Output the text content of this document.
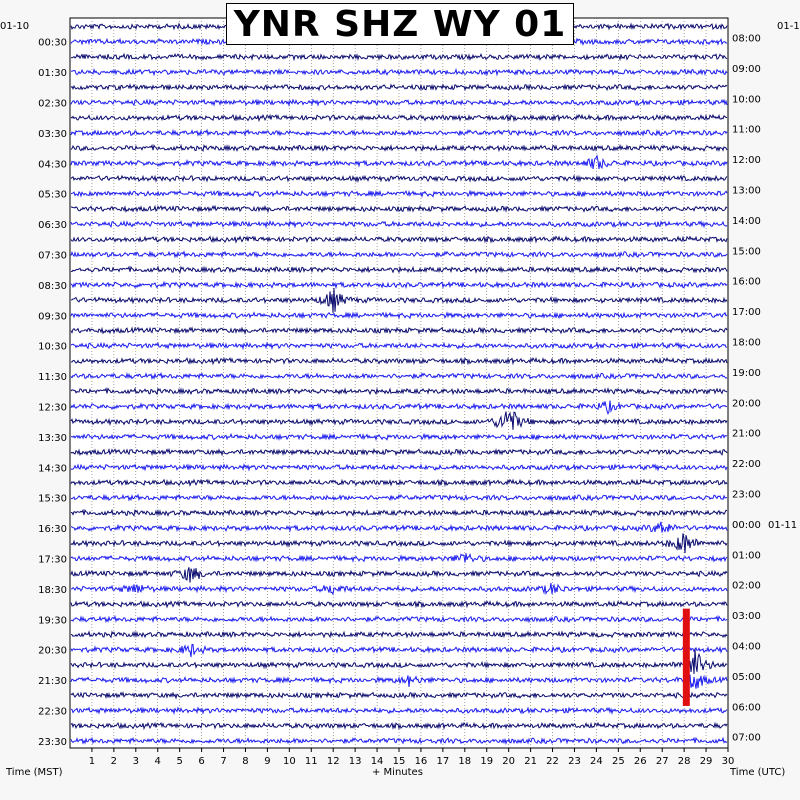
00:30
01:30
02:30
03:30
04:30
05:30
06:30
07:30
08:30
09:30
10:30
11:30
12:30
13:30
14:30
15:30
16:30
17:30
18:30
19:30
20:30
21:30
22:30
23:30
08:00
09:00
10:00
11:00
12:00
13:00
14:00
15:00
16:00
17:00
18:00
19:00
20:00
21:00
22:00
23:00
00:00
01:00
02:00
03:00
04:00
05:00
06:00
07:00
01-11
1 2 3 4 5 6 7 8 9 10 11 12 13 14 15 16 17 18 19 20 21 22 23 24 25 26 27 28 29 30
YNR SHZ WY 01
01-10	01-1
Time (MST)	+ Minutes	Time (UTC)
